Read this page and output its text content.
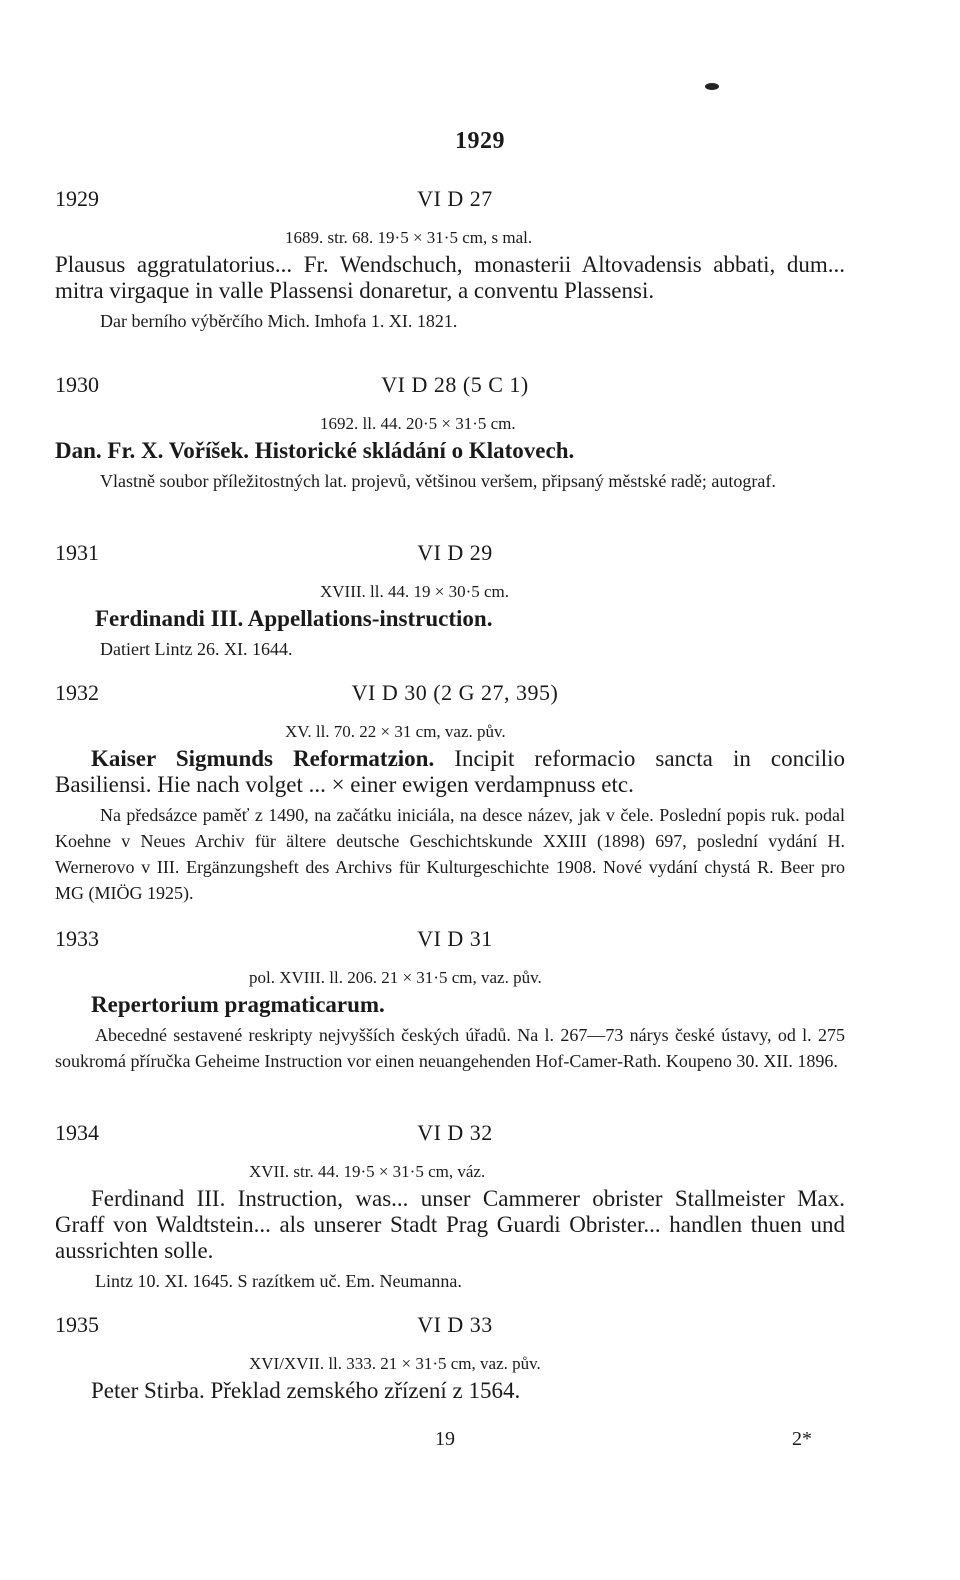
1929
1929	VI D 27

1689. str. 68. 19·5 × 31·5 cm, s mal.

Plausus aggratulatorius... Fr. Wendschuch, monasterii Altovadensis abbati, dum... mitra virgaque in valle Plassensi donaretur, a conventu Plassensi.

Dar berního výběrčího Mich. Imhofa 1. XI. 1821.

1930	VI D 28 (5 C 1)

1692. ll. 44. 20·5 × 31·5 cm.

Dan. Fr. X. Voříšek. Historické skládání o Klatovech.

Vlastně soubor příležitostných lat. projevů, většinou veršem, připsaný městské radě; autograf.

1931	VI D 29

XVIII. ll. 44. 19 × 30·5 cm.

Ferdinandi III. Appellations-instruction.

Datiert Lintz 26. XI. 1644.

1932	VI D 30 (2 G 27, 395)

XV. ll. 70. 22 × 31 cm, vaz. pův.

Kaiser Sigmunds Reformatzion. Incipit reformacio sancta in concilio Basiliensi. Hie nach volget ... × einer ewigen verdampnuss etc.

Na předsázce paměť z 1490, na začátku iniciála, na desce název, jak v čele. Poslední popis ruk. podal Koehne v Neues Archiv für ältere deutsche Geschichtskunde XXIII (1898) 697, poslední vydání H. Wernerovo v III. Ergänzungsheft des Archivs für Kulturgeschichte 1908. Nové vydání chystá R. Beer pro MG (MIÖG 1925).

1933	VI D 31

pol. XVIII. ll. 206. 21 × 31·5 cm, vaz. pův.

Repertorium pragmaticarum.

Abecedné sestavené reskripty nejvyšších českých úřadů. Na l. 267—73 nárys české ústavy, od l. 275 soukromá příručka Geheime Instruction vor einen neuangehenden Hof-Camer-Rath. Koupeno 30. XII. 1896.

1934	VI D 32

XVII. str. 44. 19·5 × 31·5 cm, váz.

Ferdinand III. Instruction, was... unser Cammerer obrister Stallmeister Max. Graff von Waldtstein... als unserer Stadt Prag Guardi Obrister... handlen thuen und aussrichten solle.

Lintz 10. XI. 1645. S razítkem uč. Em. Neumanna.

1935	VI D 33

XVI/XVII. ll. 333. 21 × 31·5 cm, vaz. pův.

Peter Stirba. Překlad zemského zřízení z 1564.

19	2*
